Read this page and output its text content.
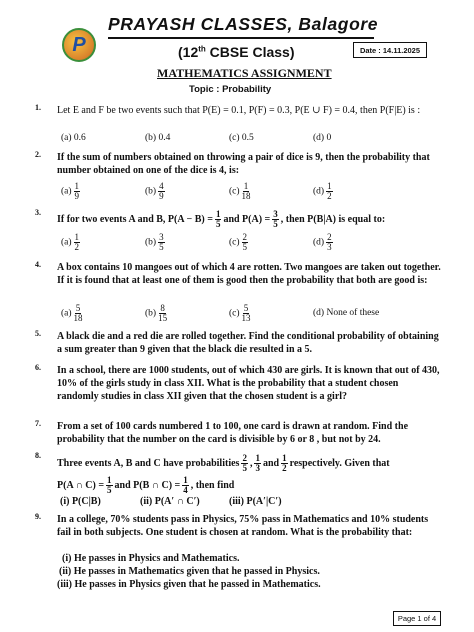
P
PRAYASH CLASSES, Balagore
(12th CBSE Class)	Date : 14.11.2025
MATHEMATICS ASSIGNMENT
Topic : Probability
1. Let E and F be two events such that P(E) = 0.1, P(F) = 0.3, P(E ∪ F) = 0.4, then P(F|E) is :
(a) 0.6	(b) 0.4	(c) 0.5	(d) 0
2. If the sum of numbers obtained on throwing a pair of dice is 9, then the probability that number obtained on one of the dice is 4, is:
$(a) \frac{1}{9}$	$(b) \frac{4}{9}$	$(c) \frac{1}{18}$	$(d) \frac{1}{2}$
3.
If for two events A and B, $P(A - B) = \frac{1}{5}$ and $P(A) = \frac{3}{5}$ , then P(B|A) is equal to:
$(a) \frac{1}{2}$	$(b) \frac{3}{5}$	$(c) \frac{2}{5}$	$(d) \frac{2}{3}$
4. A box contains 10 mangoes out of which 4 are rotten. Two mangoes are taken out together. If it is found that at least one of them is good then the probability that both are good is:
$(a) \frac{5}{18}$	$(b) \frac{8}{15}$	$(c) \frac{5}{13}$	(d) None of these
5. A black die and a red die are rolled together. Find the conditional probability of obtaining a sum greater than 9 given that the black die resulted in a 5.
6. In a school, there are 1000 students, out of which 430 are girls. It is known that out of 430, 10% of the girls study in class XII. What is the probability that a student chosen randomly studies in class XII given that the chosen student is a girl?
7. From a set of 100 cards numbered 1 to 100, one card is drawn at random. Find the probability that the number on the card is divisible by 6 or 8 , but not by 24.
8.
Three events A, B and C have probabilities $\frac{2}{5}$ , $\frac{1}{3}$ and $\frac{1}{2}$ respectively. Given that
P(A ∩ $C) = \frac{1}{5}$ and P(B ∩ $C) = \frac{1}{4}$ , then find
(i) P(C|B)	(ii) P(A′ ∩ C′)	(iii) P(A′|C′)
9. In a college, 70% students pass in Physics, 75% pass in Mathematics and 10% students fail in both subjects. One student is chosen at random. What is the probability that:
(i) He passes in Physics and Mathematics.
(ii) He passes in Mathematics given that he passed in Physics.
(iii) He passes in Physics given that he passed in Mathematics.
Page 1 of 4
